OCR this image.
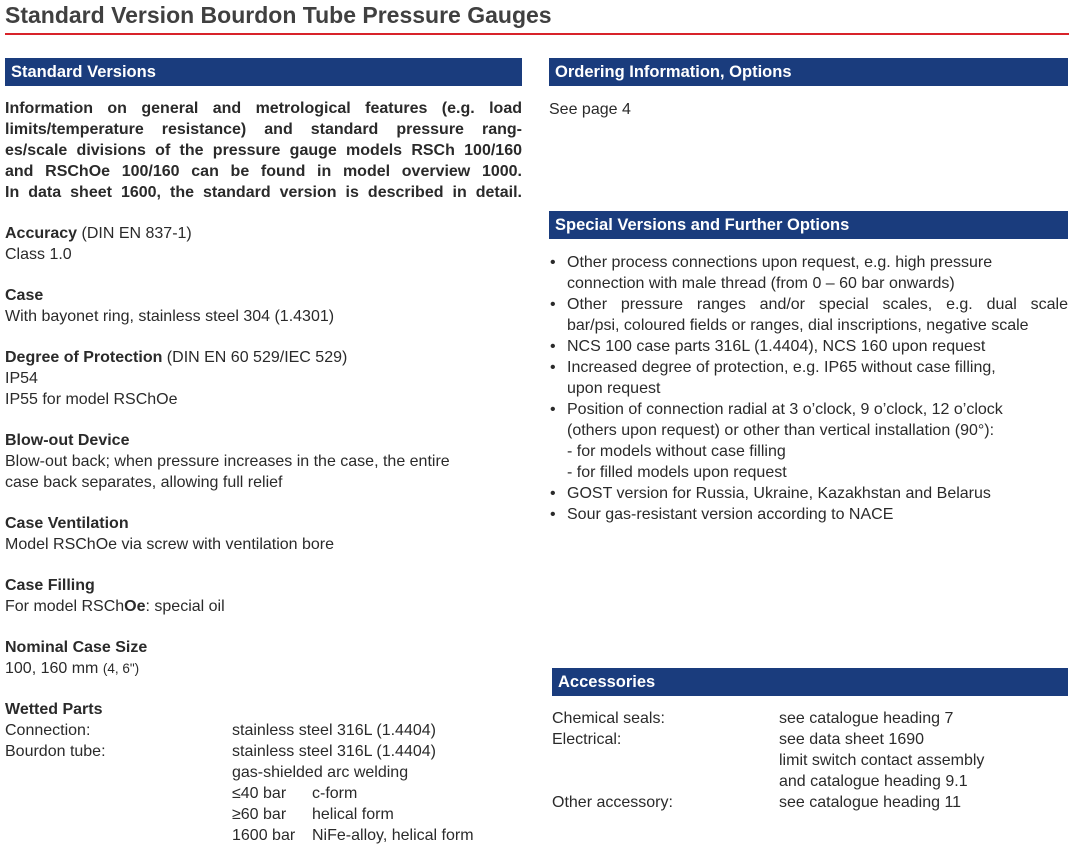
Standard Version Bourdon Tube Pressure Gauges
Standard Versions
Information on general and metrological features (e.g. load
limits/temperature resistance) and standard pressure rang-
es/scale divisions of the pressure gauge models RSCh 100/160
and RSChOe 100/160 can be found in model overview 1000.
In data sheet 1600, the standard version is described in detail.
Accuracy (DIN EN 837-1)
Class 1.0
Case
With bayonet ring, stainless steel 304 (1.4301)
Degree of Protection (DIN EN 60 529/IEC 529)
IP54
IP55 for model RSChOe
Blow-out Device
Blow-out back; when pressure increases in the case, the entire
case back separates, allowing full relief
Case Ventilation
Model RSChOe via screw with ventilation bore
Case Filling
For model RSChOe: special oil
Nominal Case Size
100, 160 mm (4, 6")
Wetted Parts
Connection:	stainless steel 316L (1.4404)
Bourdon tube:	stainless steel 316L (1.4404)
gas-shielded arc welding
≤40 bar	c-form
≥60 bar	helical form
1600 bar	NiFe-alloy, helical form
Ordering Information, Options
See page 4
Special Versions and Further Options
• Other process connections upon request, e.g. high pressure
connection with male thread (from 0 – 60 bar onwards)
• Other pressure ranges and/or special scales, e.g. dual scale
bar/psi, coloured fields or ranges, dial inscriptions, negative scale
• NCS 100 case parts 316L (1.4404), NCS 160 upon request
• Increased degree of protection, e.g. IP65 without case filling,
upon request
• Position of connection radial at 3 o’clock, 9 o’clock, 12 o’clock
(others upon request) or other than vertical installation (90°):
- for models without case filling
- for filled models upon request
• GOST version for Russia, Ukraine, Kazakhstan and Belarus
• Sour gas-resistant version according to NACE
Accessories
Chemical seals:	see catalogue heading 7
Electrical:	see data sheet 1690
limit switch contact assembly
and catalogue heading 9.1
Other accessory:	see catalogue heading 11
